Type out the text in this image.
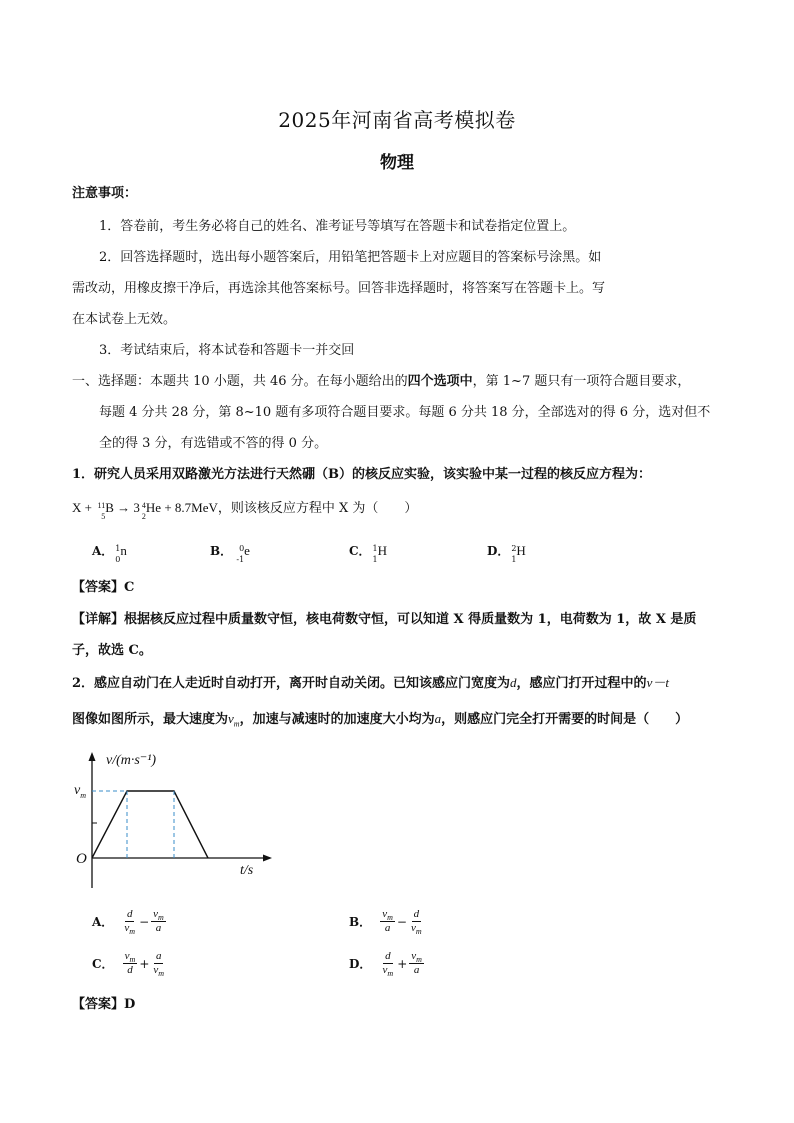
2025年河南省高考模拟卷
物理
注意事项：
1．答卷前，考生务必将自己的姓名、准考证号等填写在答题卡和试卷指定位置上。
2．回答选择题时，选出每小题答案后，用铅笔把答题卡上对应题目的答案标号涂黑。如
需改动，用橡皮擦干净后，再选涂其他答案标号。回答非选择题时，将答案写在答题卡上。写
在本试卷上无效。
3．考试结束后，将本试卷和答题卡一并交回
一、选择题：本题共 10 小题，共 46 分。在每小题给出的四个选项中，第 1~7 题只有一项符合题目要求，
每题 4 分共 28 分，第 8~10 题有多项符合题目要求。每题 6 分共 18 分，全部选对的得 6 分，选对但不
全的得 3 分，有选错或不答的得 0 分。
1．研究人员采用双路激光方法进行天然硼（B）的核反应实验，该实验中某一过程的核反应方程为：
X + 11
5
B → 3 4
2
He + 8.7MeV，则该核反应方程中 X 为（　　）
A． 1
0
n	B． 0
-1
e	C． 1
1
H	D． 2
1
H
【答案】C
【详解】根据核反应过程中质量数守恒，核电荷数守恒，可以知道 X 得质量数为 1，电荷数为 1，故 X 是质
子，故选 C。
2．感应自动门在人走近时自动打开，离开时自动关闭。已知该感应门宽度为d，感应门打开过程中的v－t
图像如图所示，最大速度为$v_m$，加速与减速时的加速度大小均为a，则感应门完全打开需要的时间是（　　）
v/(m·s⁻¹)
t/s
O
$v_m$
A． $\frac{d}{v_m} - \frac{v_m}{a}$	B． $\frac{v_m}{a} - \frac{d}{v_m}$
C． $\frac{v_m}{d} + \frac{a}{v_m}$	D． $\frac{d}{v_m} + \frac{v_m}{a}$
【答案】D
